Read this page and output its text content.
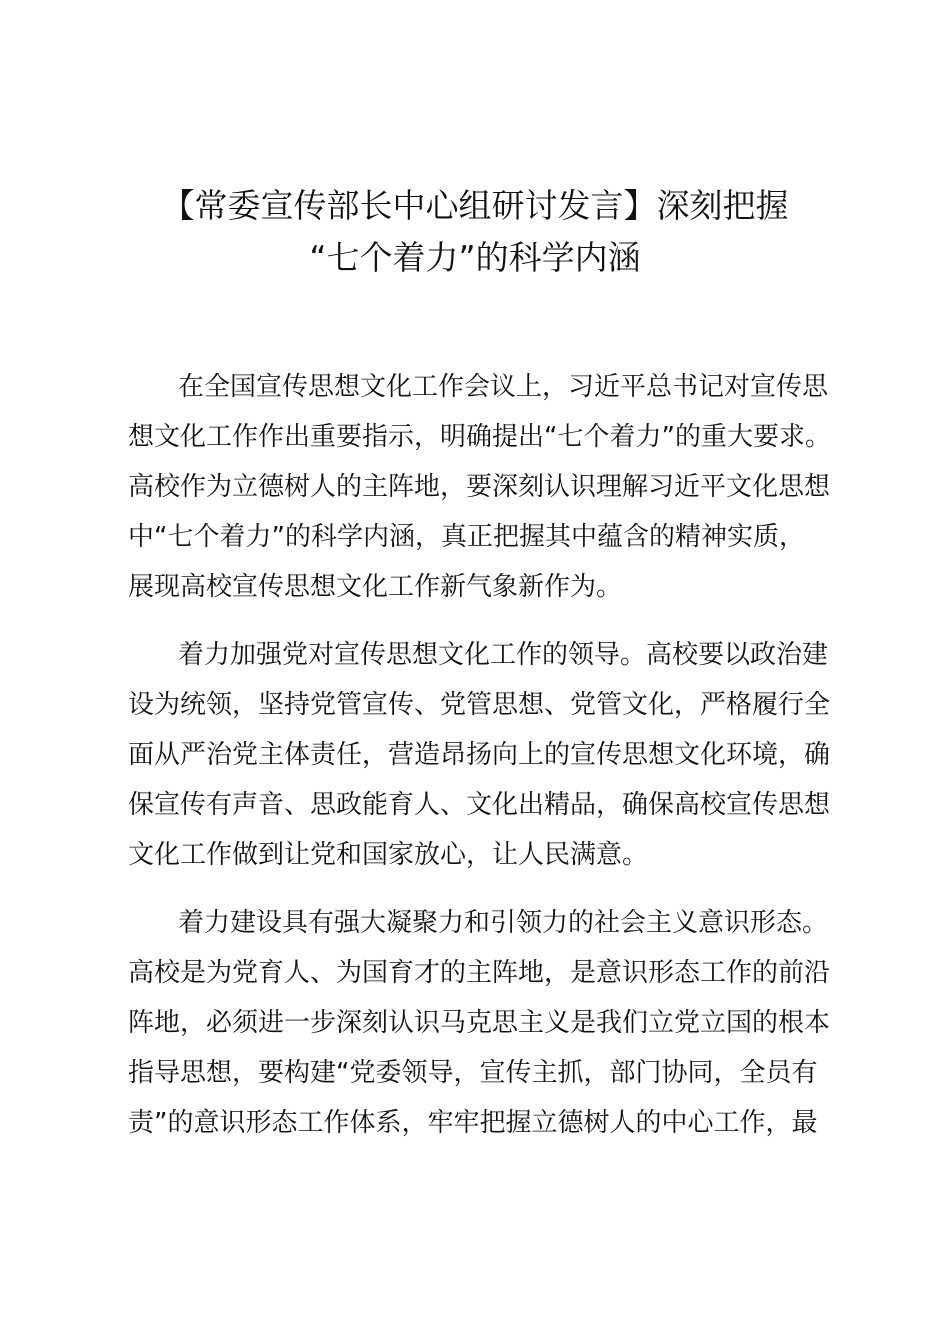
【常委宣传部长中心组研讨发言】深刻把握
“七个着力”的科学内涵
在全国宣传思想文化工作会议上，习近平总书记对宣传思
想文化工作作出重要指示，明确提出“七个着力”的重大要求。
高校作为立德树人的主阵地，要深刻认识理解习近平文化思想
中“七个着力”的科学内涵，真正把握其中蕴含的精神实质，
展现高校宣传思想文化工作新气象新作为。
着力加强党对宣传思想文化工作的领导。高校要以政治建
设为统领，坚持党管宣传、党管思想、党管文化，严格履行全
面从严治党主体责任，营造昂扬向上的宣传思想文化环境，确
保宣传有声音、思政能育人、文化出精品，确保高校宣传思想
文化工作做到让党和国家放心，让人民满意。
着力建设具有强大凝聚力和引领力的社会主义意识形态。
高校是为党育人、为国育才的主阵地，是意识形态工作的前沿
阵地，必须进一步深刻认识马克思主义是我们立党立国的根本
指导思想，要构建“党委领导，宣传主抓，部门协同，全员有
责”的意识形态工作体系，牢牢把握立德树人的中心工作，最
